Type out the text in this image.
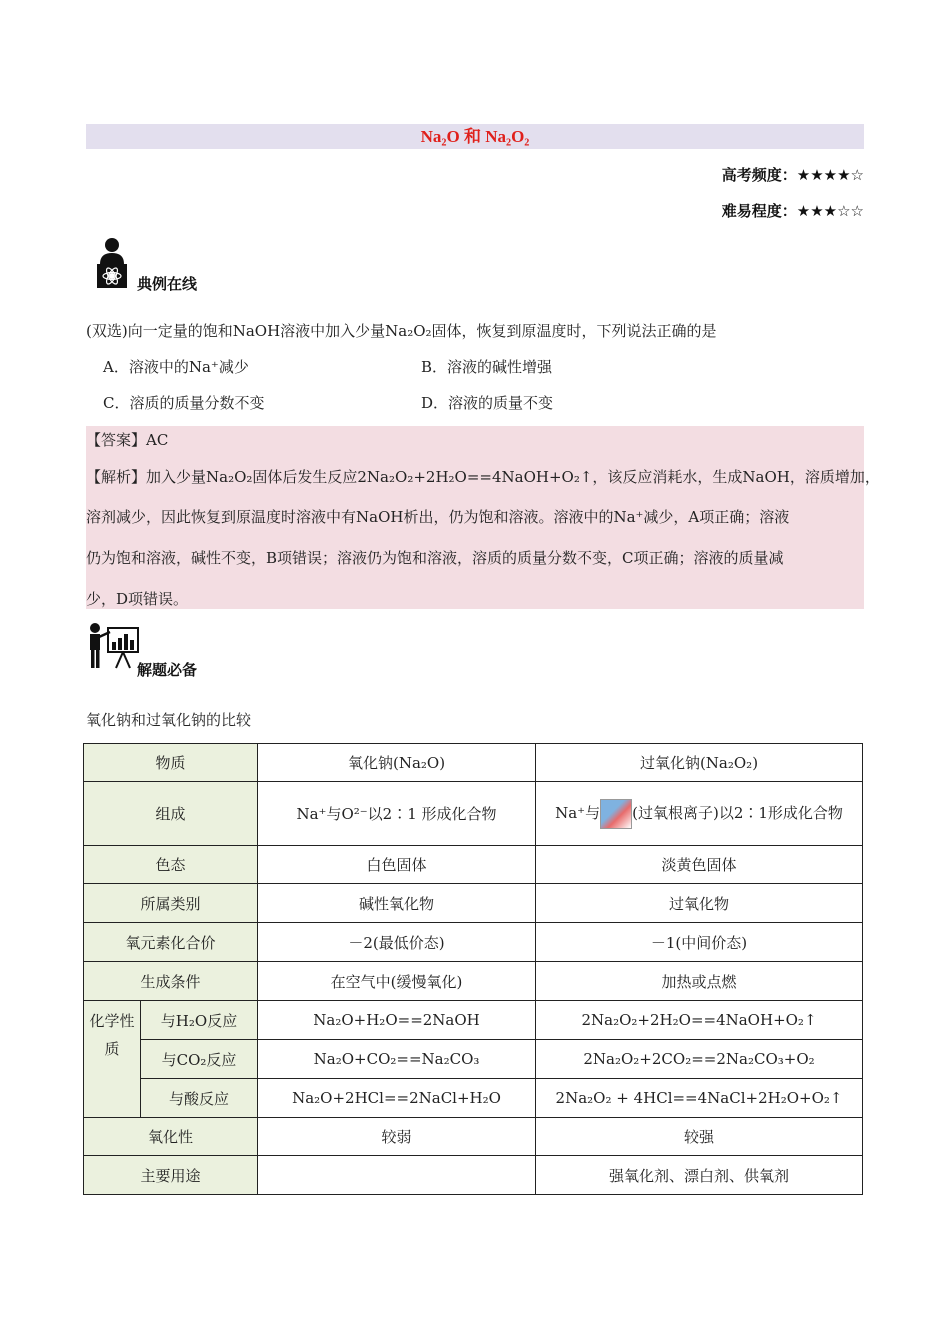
Na₂O 和 Na₂O₂
高考频度：★★★★☆
难易程度：★★★☆☆
典例在线
(双选)向一定量的饱和NaOH溶液中加入少量Na₂O₂固体，恢复到原温度时，下列说法正确的是
A．溶液中的Na⁺减少	B．溶液的碱性增强
C．溶质的质量分数不变	D．溶液的质量不变
【答案】AC
【解析】加入少量Na₂O₂固体后发生反应2Na₂O₂+2H₂O==4NaOH+O₂↑，该反应消耗水，生成NaOH，溶质增加，
溶剂减少，因此恢复到原温度时溶液中有NaOH析出，仍为饱和溶液。溶液中的Na⁺减少，A项正确；溶液
仍为饱和溶液，碱性不变，B项错误；溶液仍为饱和溶液，溶质的质量分数不变，C项正确；溶液的质量减
少，D项错误。
解题必备
氧化钠和过氧化钠的比较
物质		氧化钠(Na₂O)	过氧化钠(Na₂O₂)
组成		Na⁺与O²⁻以2∶1 形成化合物	Na⁺与 (过氧根离子)以2∶1形成化合物
色态		白色固体	淡黄色固体
所属类别		碱性氧化物	过氧化物
氧元素化合价		－2(最低价态)	－1(中间价态)
生成条件		在空气中(缓慢氧化)	加热或点燃
化学性质	与H₂O反应	Na₂O+H₂O==2NaOH	2Na₂O₂+2H₂O==4NaOH+O₂↑
	与CO₂反应	Na₂O+CO₂==Na₂CO₃	2Na₂O₂+2CO₂==2Na₂CO₃+O₂
	与酸反应	Na₂O+2HCl==2NaCl+H₂O	2Na₂O₂ + 4HCl==4NaCl+2H₂O+O₂↑
氧化性		较弱	较强
主要用途			强氧化剂、漂白剂、供氧剂
